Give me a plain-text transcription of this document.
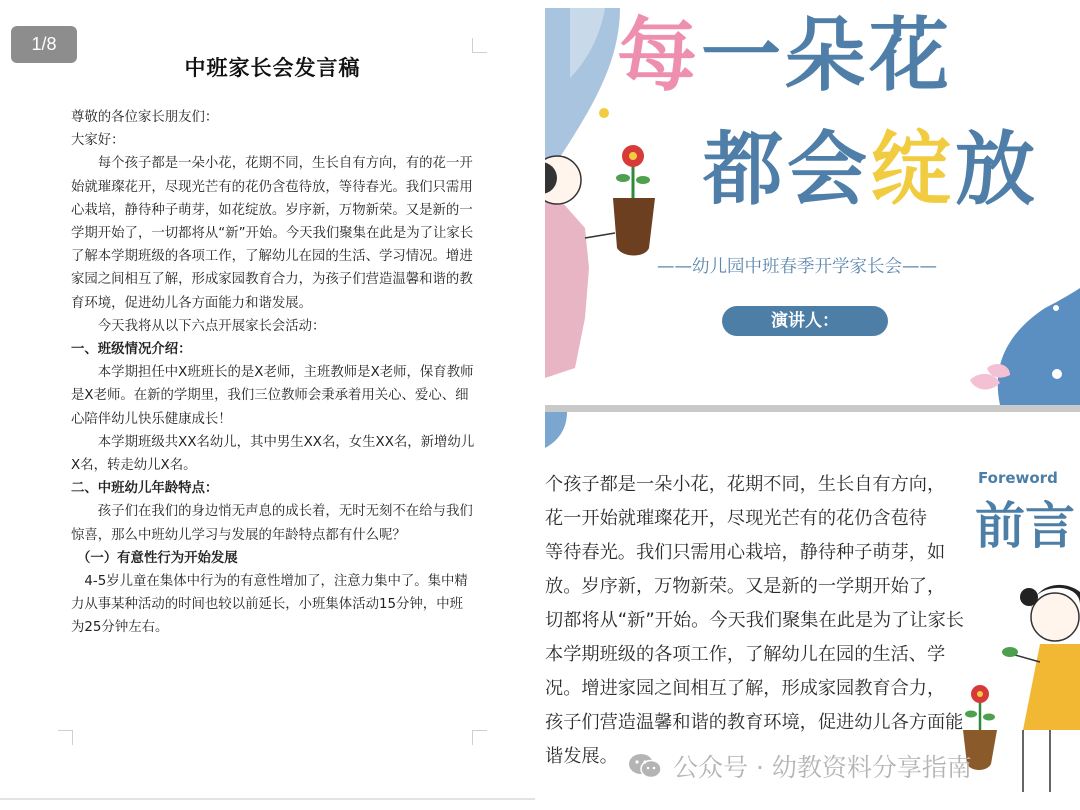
1/8
中班家长会发言稿

尊敬的各位家长朋友们：

大家好：

每个孩子都是一朵小花，花期不同，生长自有方向，有的花一开始就璀璨花开，尽现光芒有的花仍含苞待放，等待春光。我们只需用心栽培，静待种子萌芽，如花绽放。岁序新，万物新荣。又是新的一学期开始了，一切都将从“新”开始。今天我们聚集在此是为了让家长了解本学期班级的各项工作，了解幼儿在园的生活、学习情况。增进家园之间相互了解，形成家园教育合力，为孩子们营造温馨和谐的教育环境，促进幼儿各方面能力和谐发展。

今天我将从以下六点开展家长会活动：

一、班级情况介绍：

本学期担任中X班班长的是X老师，主班教师是X老师，保育教师是X老师。在新的学期里，我们三位教师会秉承着用关心、爱心、细心陪伴幼儿快乐健康成长！

本学期班级共XX名幼儿，其中男生XX名，女生XX名，新增幼儿X名，转走幼儿X名。

二、中班幼儿年龄特点：

孩子们在我们的身边悄无声息的成长着，无时无刻不在给与我们惊喜，那么中班幼儿学习与发展的年龄特点都有什么呢？

（一）有意性行为开始发展

4-5岁儿童在集体中行为的有意性增加了，注意力集中了。集中精力从事某种活动的时间也较以前延长，小班集体活动15分钟，中班为25分钟左右。

每一朵花
都会绽放
——幼儿园中班春季开学家长会——
演讲人：
Foreword
前言
个孩子都是一朵小花，花期不同，生长自有方向，
花一开始就璀璨花开，尽现光芒有的花仍含苞待
等待春光。我们只需用心栽培，静待种子萌芽，如
放。岁序新，万物新荣。又是新的一学期开始了，
切都将从“新”开始。今天我们聚集在此是为了让家长
本学期班级的各项工作，了解幼儿在园的生活、学
况。增进家园之间相互了解，形成家园教育合力，
孩子们营造温馨和谐的教育环境，促进幼儿各方面能
谐发展。	公众号 · 幼教资料分享指南
